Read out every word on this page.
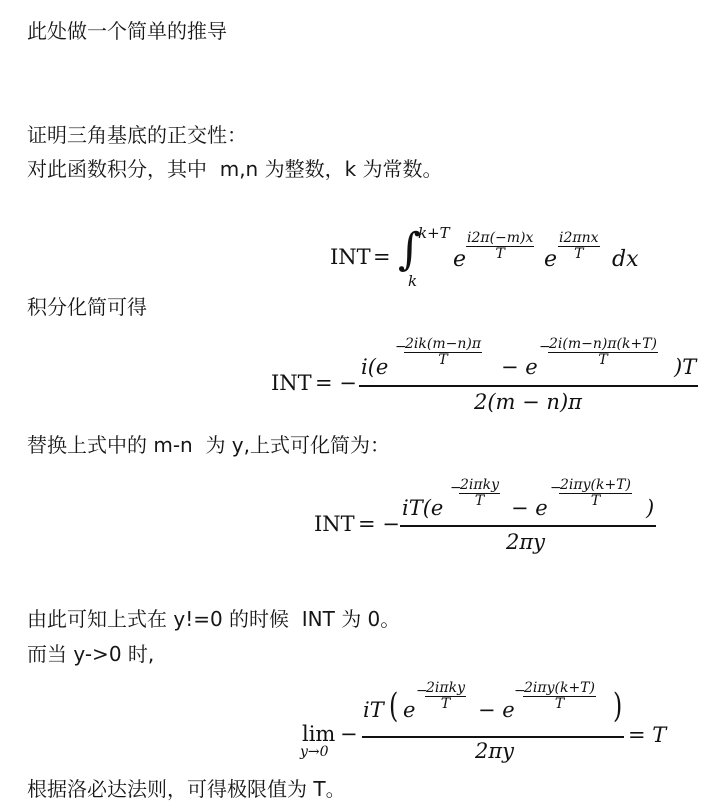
此处做一个简单的推导
证明三角基底的正交性：
对此函数积分，其中  m,n 为整数，k 为常数。
INT = ∫
k+T
k
e $\frac{i2\pi(-m)x}{T}$ e
i2πnx
T	dx
积分化简可得
INT = −
i(e
−
$\frac{2ik(m-n)\pi}{T} - e$
−
$\frac{2i(m-n)\pi(k+T)}{T} )T$
2(m − n)π
替换上式中的 m-n  为 y,上式可化简为：
INT = −
iT(e
−
2iπky
T	− e
−
2iπy(k+T)
T	)
2πy
由此可知上式在 y!=0 的时候  INT 为 0。
而当 y->0 时,
lim
y→0
−
iT ( e
−
2iπky
T	− e
−
2iπy(k+T)
T	)
2πy
= T
根据洛必达法则，可得极限值为 T。
